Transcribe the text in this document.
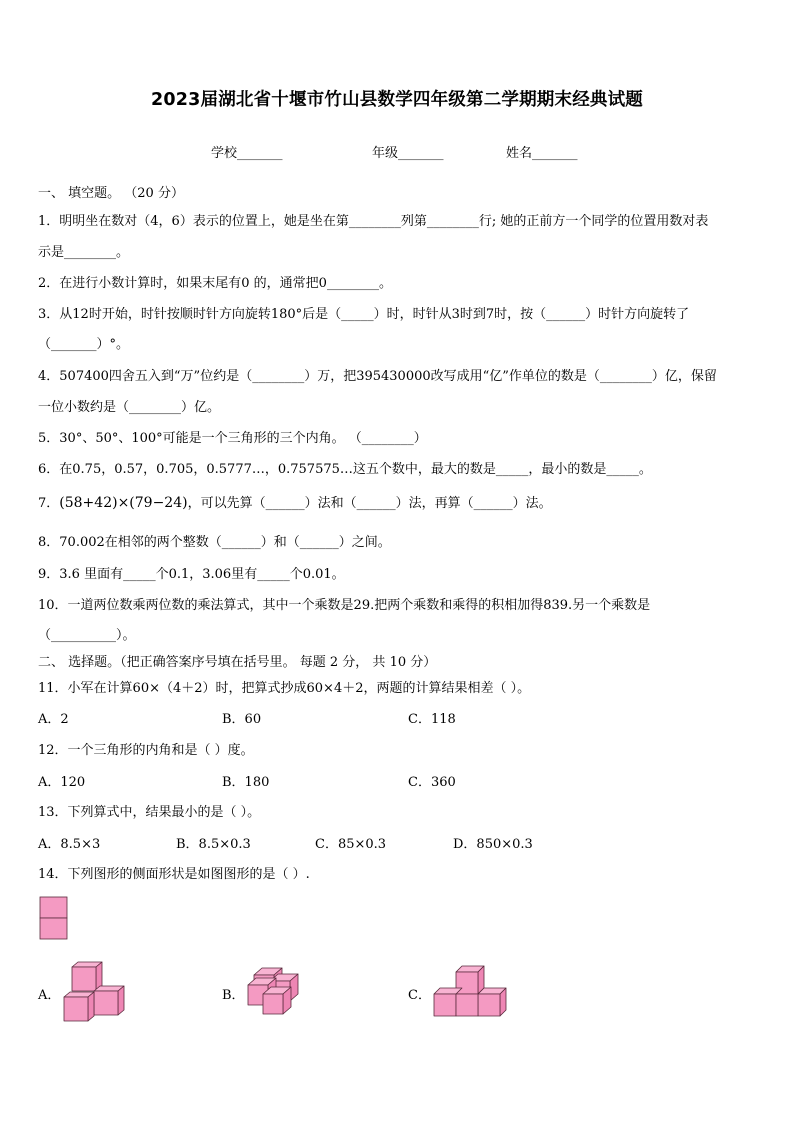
2023届湖北省十堰市竹山县数学四年级第二学期期末经典试题
学校_______	年级_______	姓名_______
一、 填空题。 （20 分）
1．明明坐在数对（4，6）表示的位置上，她是坐在第________列第________行; 她的正前方一个同学的位置用数对表
示是________。
2．在进行小数计算时，如果末尾有0 的，通常把0________。
3．从12时开始，时针按顺时针方向旋转180°后是（_____）时，时针从3时到7时，按（______）时针方向旋转了
（_______）°。
4．507400四舍五入到“万”位约是（________）万，把395430000改写成用“亿”作单位的数是（________）亿，保留
一位小数约是（________）亿。
5．30°、50°、100°可能是一个三角形的三个内角。 （________）
6．在0.75，0.57，0.705，0.5777…，0.757575…这五个数中，最大的数是_____，最小的数是_____。
7．(58+42)×(79−24)，可以先算（______）法和（______）法，再算（______）法。
8．70.002在相邻的两个整数（______）和（______）之间。
9．3.6 里面有_____个0.1，3.06里有_____个0.01。
10．一道两位数乘两位数的乘法算式，其中一个乘数是29.把两个乘数和乘得的积相加得839.另一个乘数是
（__________）。
二、 选择题。（把正确答案序号填在括号里。 每题 2 分， 共 10 分）
11．小军在计算60×（4＋2）时，把算式抄成60×4＋2，两题的计算结果相差（ ）。
A．2	B．60	C．118
12．一个三角形的内角和是（ ）度。
A．120	B．180	C．360
13．下列算式中，结果最小的是（ ）。
A．8.5×3	B．8.5×0.3	C．85×0.3	D．850×0.3
14．下列图形的侧面形状是如图图形的是（ ）.
A．	B．	C．
